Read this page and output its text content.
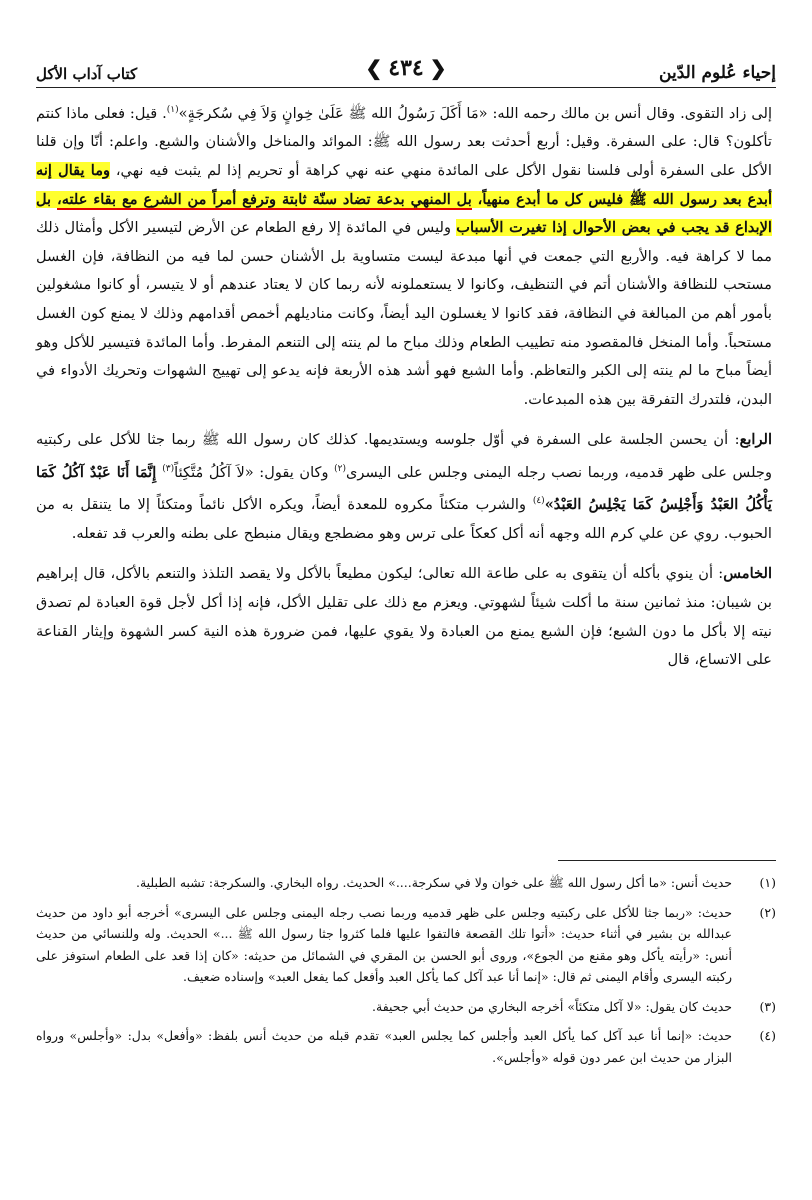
إحياء عُلوم الدّين
❮ ٤٣٤ ❯
كتاب آداب الأكل

إلى زاد التقوى. وقال أنس بن مالك رحمه الله: «مَا أَكَلَ رَسُولُ الله ﷺ عَلَىٰ خِوانٍ وَلاَ فِي سُكرجَةٍ»$^{(١)}$. قيل: فعلى ماذا كنتم تأكلون؟ قال: على السفرة. وقيل: أربع أحدثت بعد رسول الله ﷺ: الموائد والمناخل والأشنان والشبع. واعلم: أنّا وإن قلنا الأكل على السفرة أولى فلسنا نقول الأكل على المائدة منهي عنه نهي كراهة أو تحريم إذا لم يثبت فيه نهي، وما يقال إنه أبدع بعد رسول الله ﷺ فليس كل ما أبدع منهياً، بل المنهي بدعة تضاد سنّة ثابتة وترفع أمراً من الشرع مع بقاء علته، بل الإبداع قد يجب في بعض الأحوال إذا تغيرت الأسباب وليس في المائدة إلا رفع الطعام عن الأرض لتيسير الأكل وأمثال ذلك مما لا كراهة فيه. والأربع التي جمعت في أنها مبدعة ليست متساوية بل الأشنان حسن لما فيه من النظافة، فإن الغسل مستحب للنظافة والأشنان أتم في التنظيف، وكانوا لا يستعملونه لأنه ربما كان لا يعتاد عندهم أو لا يتيسر، أو كانوا مشغولين بأمور أهم من المبالغة في النظافة، فقد كانوا لا يغسلون اليد أيضاً، وكانت مناديلهم أخمص أقدامهم وذلك لا يمنع كون الغسل مستحباً. وأما المنخل فالمقصود منه تطييب الطعام وذلك مباح ما لم ينته إلى التنعم المفرط. وأما المائدة فتيسير للأكل وهو أيضاً مباح ما لم ينته إلى الكبر والتعاظم. وأما الشبع فهو أشد هذه الأربعة فإنه يدعو إلى تهييج الشهوات وتحريك الأدواء في البدن، فلتدرك التفرقة بين هذه المبدعات.

الرابع: أن يحسن الجلسة على السفرة في أوّل جلوسه ويستديمها. كذلك كان رسول الله ﷺ ربما جثا للأكل على ركبتيه وجلس على ظهر قدميه، وربما نصب رجله اليمنى وجلس على اليسرى$^{(٢)}$ وكان يقول: «لاَ آكُلُ مُتَّكِئاً$^{(٣)}$ إِنَّمَا أَنَا عَبْدٌ آكُلُ كَمَا يَأْكُلُ العَبْدُ وَأَجْلِسُ كَمَا يَجْلِسُ العَبْدُ»$^{(٤)}$ والشرب متكئاً مكروه للمعدة أيضاً، ويكره الأكل نائماً ومتكئاً إلا ما يتنقل به من الحبوب. روي عن علي كرم الله وجهه أنه أكل كعكاً على ترس وهو مضطجع ويقال منبطح على بطنه والعرب قد تفعله.

الخامس: أن ينوي بأكله أن يتقوى به على طاعة الله تعالى؛ ليكون مطيعاً بالأكل ولا يقصد التلذذ والتنعم بالأكل، قال إبراهيم بن شيبان: منذ ثمانين سنة ما أكلت شيئاً لشهوتي. ويعزم مع ذلك على تقليل الأكل، فإنه إذا أكل لأجل قوة العبادة لم تصدق نيته إلا بأكل ما دون الشبع؛ فإن الشبع يمنع من العبادة ولا يقوي عليها، فمن ضرورة هذه النية كسر الشهوة وإيثار القناعة على الاتساع، قال

(١)
حديث أنس: «ما أكل رسول الله ﷺ على خوان ولا في سكرجة....» الحديث. رواه البخاري. والسكرجة: تشبه الطبلية.
(٢)
حديث: «ربما جثا للأكل على ركبتيه وجلس على ظهر قدميه وربما نصب رجله اليمنى وجلس على اليسرى» أخرجه أبو داود من حديث عبدالله بن بشير في أثناء حديث: «أتوا تلك القصعة فالتفوا عليها فلما كثروا جثا رسول الله ﷺ ...» الحديث. وله وللنسائي من حديث أنس: «رأيته يأكل وهو مقنع من الجوع»، وروى أبو الحسن بن المقري في الشمائل من حديثه: «كان إذا قعد على الطعام استوفز على ركبته اليسرى وأقام اليمنى ثم قال: «إنما أنا عبد آكل كما يأكل العبد وأفعل كما يفعل العبد» وإسناده ضعيف.
(٣)
حديث كان يقول: «لا آكل متكئاً» أخرجه البخاري من حديث أبي جحيفة.
(٤)
حديث: «إنما أنا عبد آكل كما يأكل العبد وأجلس كما يجلس العبد» تقدم قبله من حديث أنس بلفظ: «وأفعل» بدل: «وأجلس» ورواه البزار من حديث ابن عمر دون قوله «وأجلس».
